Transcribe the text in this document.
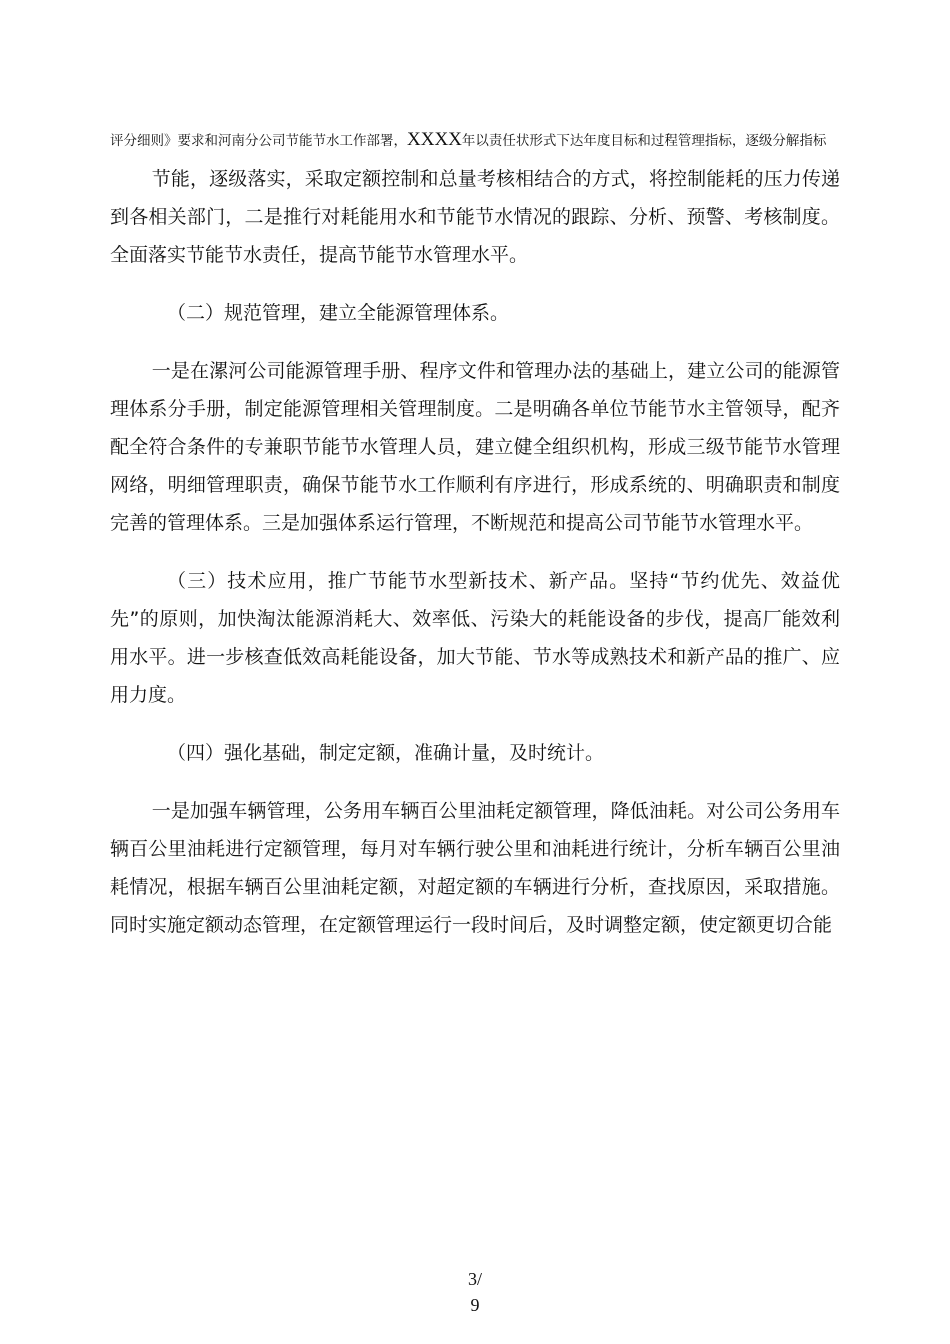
评分细则》要求和河南分公司节能节水工作部署，XXXX年以责任状形式下达年度目标和过程管理指标，逐级分解指标

节能，逐级落实，采取定额控制和总量考核相结合的方式，将控制能耗的压力传递到各相关部门，二是推行对耗能用水和节能节水情况的跟踪、分析、预警、考核制度。全面落实节能节水责任，提高节能节水管理水平。

（二）规范管理，建立全能源管理体系。

一是在漯河公司能源管理手册、程序文件和管理办法的基础上，建立公司的能源管理体系分手册，制定能源管理相关管理制度。二是明确各单位节能节水主管领导，配齐配全符合条件的专兼职节能节水管理人员，建立健全组织机构，形成三级节能节水管理网络，明细管理职责，确保节能节水工作顺利有序进行，形成系统的、明确职责和制度完善的管理体系。三是加强体系运行管理，不断规范和提高公司节能节水管理水平。

（三）技术应用，推广节能节水型新技术、新产品。坚持“节约优先、效益优先”的原则，加快淘汰能源消耗大、效率低、污染大的耗能设备的步伐，提高厂能效利用水平。进一步核查低效高耗能设备，加大节能、节水等成熟技术和新产品的推广、应用力度。

（四）强化基础，制定定额，准确计量，及时统计。

一是加强车辆管理，公务用车辆百公里油耗定额管理，降低油耗。对公司公务用车辆百公里油耗进行定额管理，每月对车辆行驶公里和油耗进行统计，分析车辆百公里油耗情况，根据车辆百公里油耗定额，对超定额的车辆进行分析，查找原因，采取措施。同时实施定额动态管理，在定额管理运行一段时间后，及时调整定额，使定额更切合能

3/
9
